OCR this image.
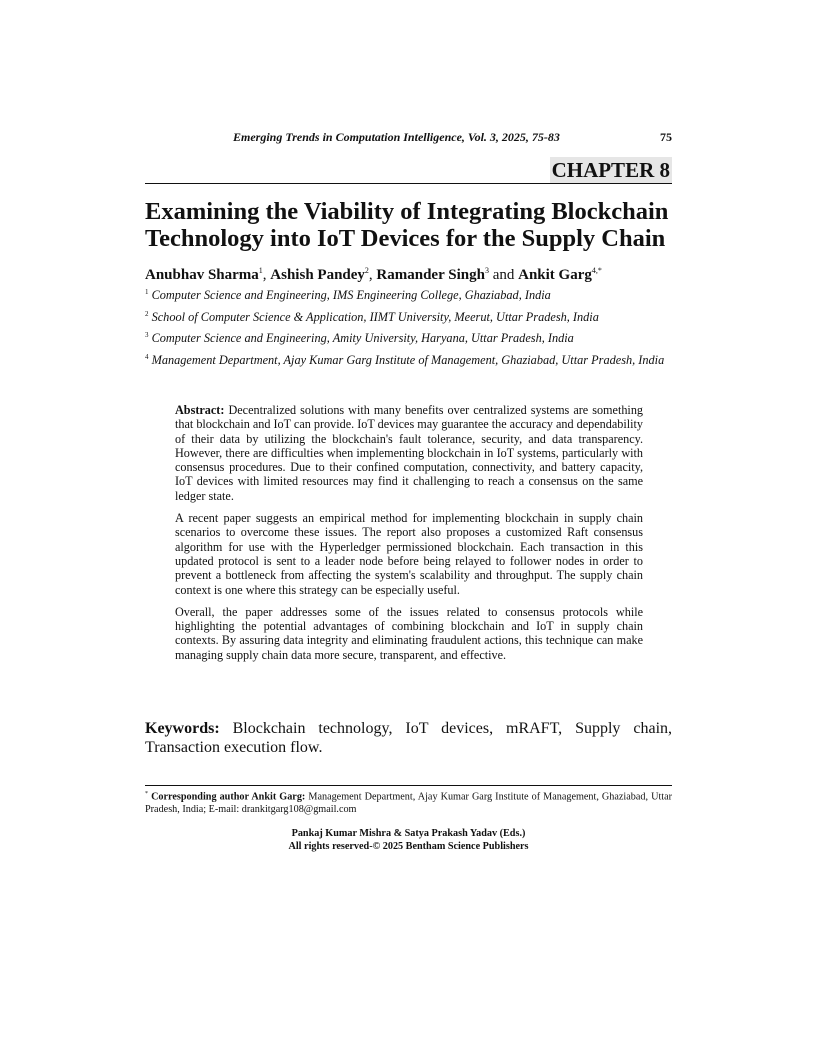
Emerging Trends in Computation Intelligence, Vol. 3, 2025, 75-83	75
CHAPTER 8
Examining the Viability of Integrating Blockchain Technology into IoT Devices for the Supply Chain
Anubhav Sharma$^1$, Ashish Pandey$^2$, Ramander Singh$^3$ and Ankit Garg$^{4,*}$
$^1$ Computer Science and Engineering, IMS Engineering College, Ghaziabad, India
$^2$ School of Computer Science & Application, IIMT University, Meerut, Uttar Pradesh, India
$^3$ Computer Science and Engineering, Amity University, Haryana, Uttar Pradesh, India
$^4$ Management Department, Ajay Kumar Garg Institute of Management, Ghaziabad, Uttar Pradesh, India

Abstract: Decentralized solutions with many benefits over centralized systems are something that blockchain and IoT can provide. IoT devices may guarantee the accuracy and dependability of their data by utilizing the blockchain's fault tolerance, security, and data transparency. However, there are difficulties when implementing blockchain in IoT systems, particularly with consensus procedures. Due to their confined computation, connectivity, and battery capacity, IoT devices with limited resources may find it challenging to reach a consensus on the same ledger state.

A recent paper suggests an empirical method for implementing blockchain in supply chain scenarios to overcome these issues. The report also proposes a customized Raft consensus algorithm for use with the Hyperledger permissioned blockchain. Each transaction in this updated protocol is sent to a leader node before being relayed to follower nodes in order to prevent a bottleneck from affecting the system's scalability and throughput. The supply chain context is one where this strategy can be especially useful.

Overall, the paper addresses some of the issues related to consensus protocols while highlighting the potential advantages of combining blockchain and IoT in supply chain contexts. By assuring data integrity and eliminating fraudulent actions, this technique can make managing supply chain data more secure, transparent, and effective.

Keywords: Blockchain technology, IoT devices, mRAFT, Supply chain, Transaction execution flow.
* Corresponding author Ankit Garg: Management Department, Ajay Kumar Garg Institute of Management, Ghaziabad, Uttar Pradesh, India; E-mail: drankitgarg108@gmail.com
Pankaj Kumar Mishra & Satya Prakash Yadav (Eds.)
All rights reserved-© 2025 Bentham Science Publishers
